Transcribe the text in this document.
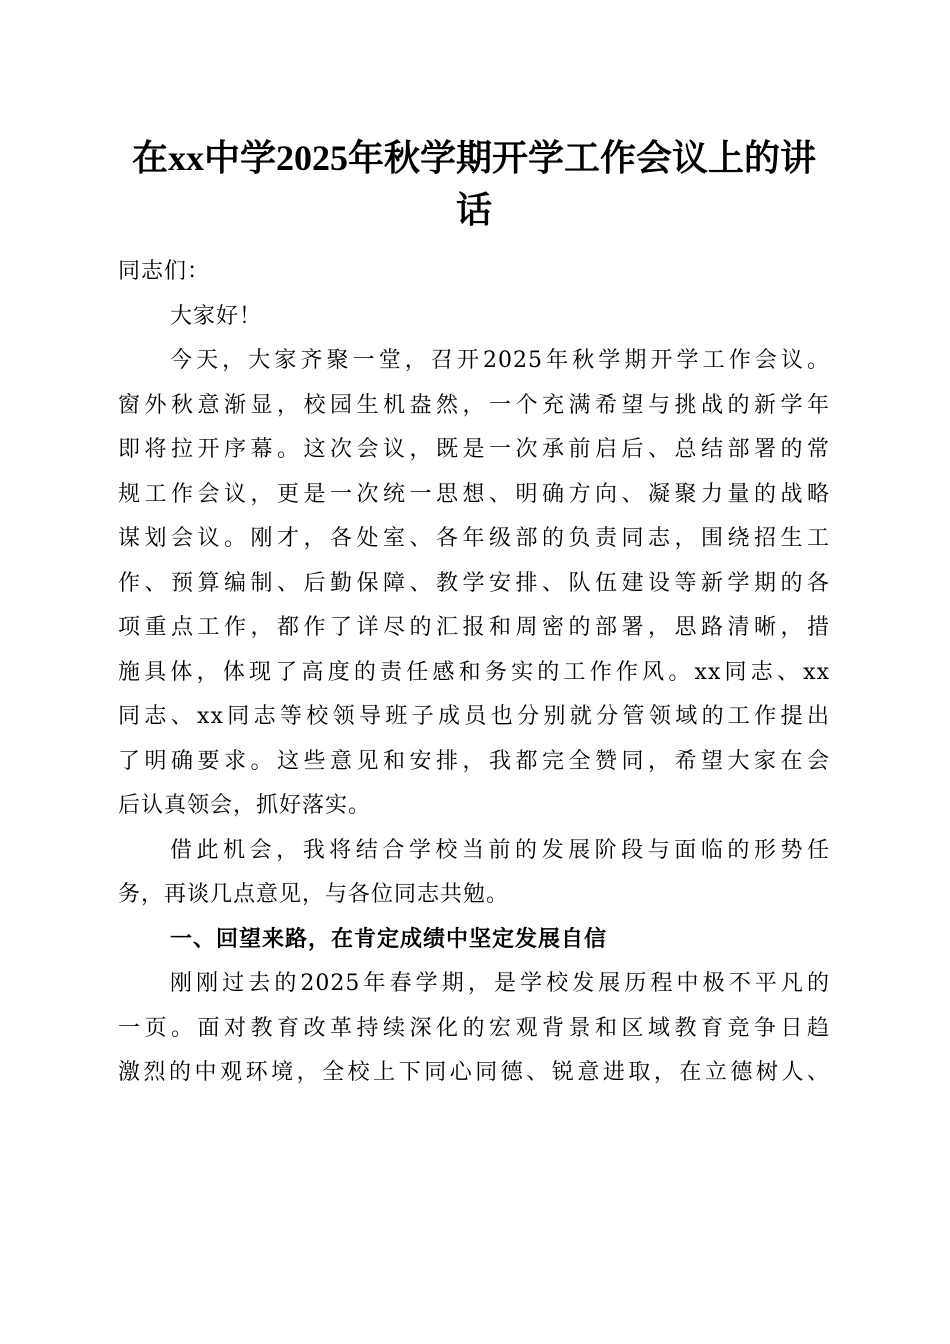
在xx中学2025年秋学期开学工作会议上的讲
话
同志们：
大家好！
今天，大家齐聚一堂，召开2025年秋学期开学工作会议。
窗外秋意渐显，校园生机盎然，一个充满希望与挑战的新学年
即将拉开序幕。这次会议，既是一次承前启后、总结部署的常
规工作会议，更是一次统一思想、明确方向、凝聚力量的战略
谋划会议。刚才，各处室、各年级部的负责同志，围绕招生工
作、预算编制、后勤保障、教学安排、队伍建设等新学期的各
项重点工作，都作了详尽的汇报和周密的部署，思路清晰，措
施具体，体现了高度的责任感和务实的工作作风。xx同志、xx
同志、xx同志等校领导班子成员也分别就分管领域的工作提出
了明确要求。这些意见和安排，我都完全赞同，希望大家在会
后认真领会，抓好落实。
借此机会，我将结合学校当前的发展阶段与面临的形势任
务，再谈几点意见，与各位同志共勉。
一、回望来路，在肯定成绩中坚定发展自信
刚刚过去的2025年春学期，是学校发展历程中极不平凡的
一页。面对教育改革持续深化的宏观背景和区域教育竞争日趋
激烈的中观环境，全校上下同心同德、锐意进取，在立德树人、
